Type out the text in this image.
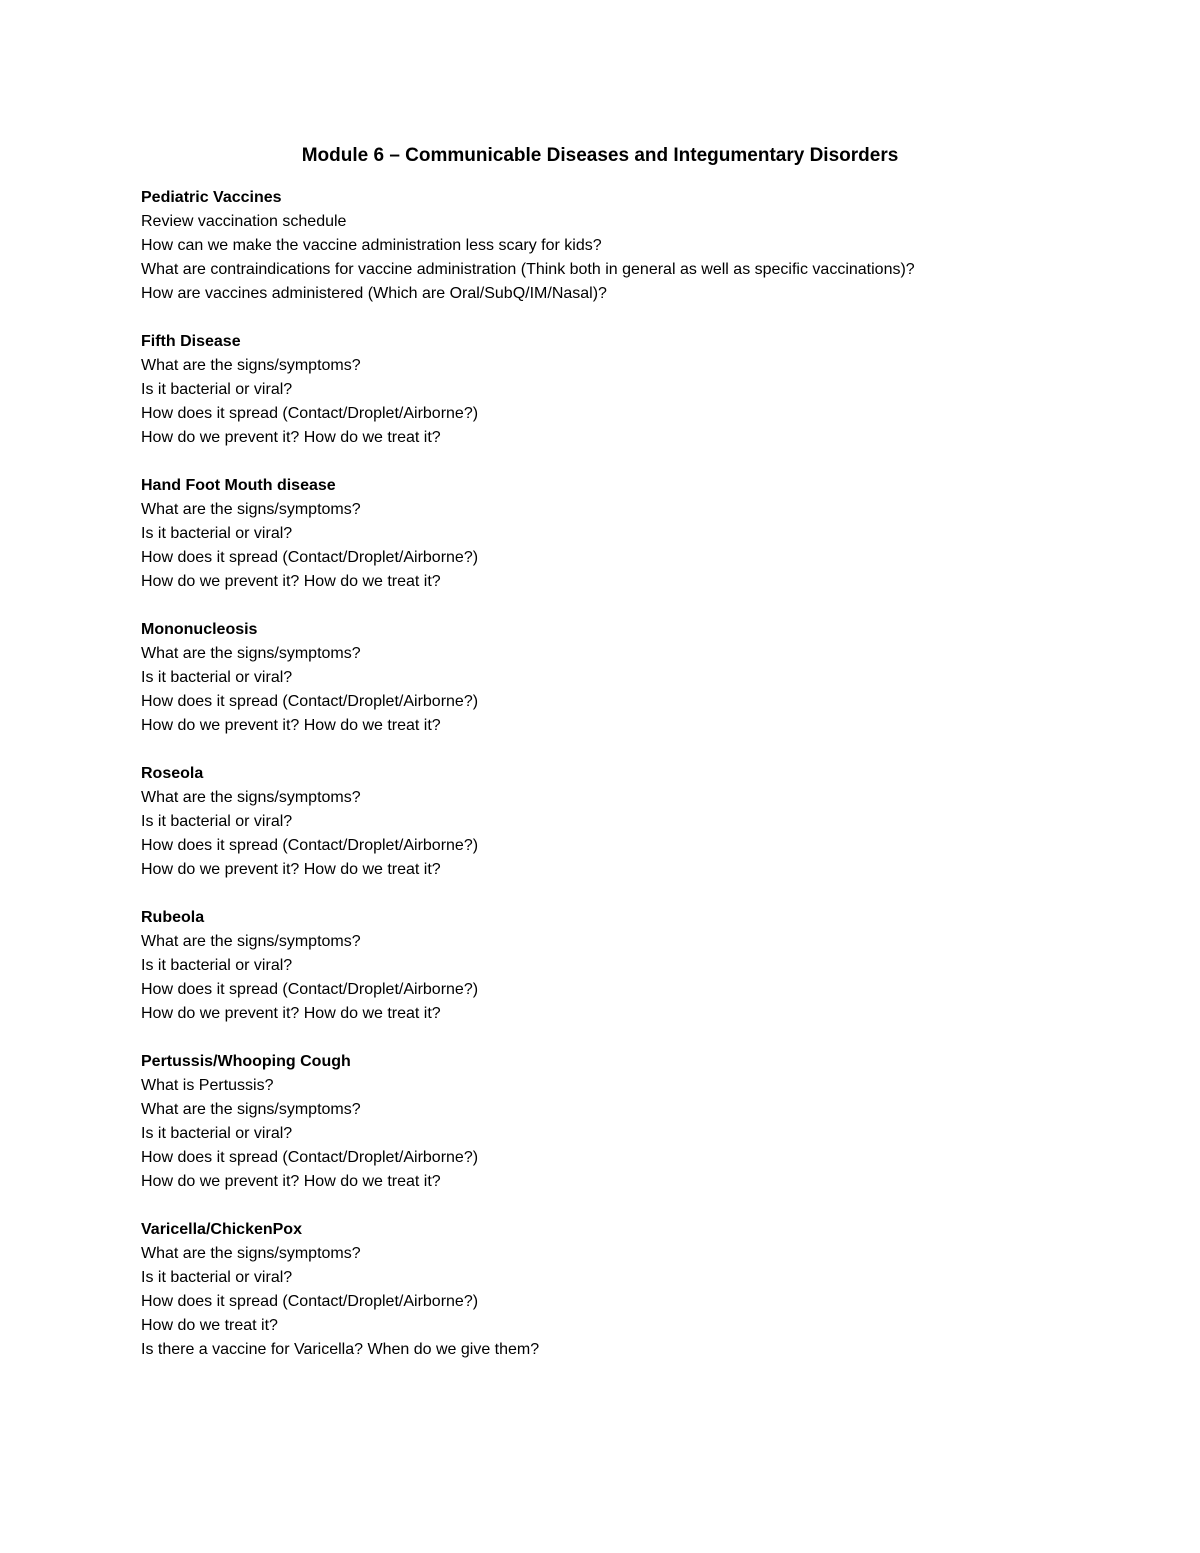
Module 6 – Communicable Diseases and Integumentary Disorders

Pediatric Vaccines

Review vaccination schedule

How can we make the vaccine administration less scary for kids?

What are contraindications for vaccine administration (Think both in general as well as specific vaccinations)?

How are vaccines administered (Which are Oral/SubQ/IM/Nasal)?

Fifth Disease

What are the signs/symptoms?

Is it bacterial or viral?

How does it spread (Contact/Droplet/Airborne?)

How do we prevent it? How do we treat it?

Hand Foot Mouth disease

What are the signs/symptoms?

Is it bacterial or viral?

How does it spread (Contact/Droplet/Airborne?)

How do we prevent it? How do we treat it?

Mononucleosis

What are the signs/symptoms?

Is it bacterial or viral?

How does it spread (Contact/Droplet/Airborne?)

How do we prevent it? How do we treat it?

Roseola

What are the signs/symptoms?

Is it bacterial or viral?

How does it spread (Contact/Droplet/Airborne?)

How do we prevent it? How do we treat it?

Rubeola

What are the signs/symptoms?

Is it bacterial or viral?

How does it spread (Contact/Droplet/Airborne?)

How do we prevent it? How do we treat it?

Pertussis/Whooping Cough

What is Pertussis?

What are the signs/symptoms?

Is it bacterial or viral?

How does it spread (Contact/Droplet/Airborne?)

How do we prevent it? How do we treat it?

Varicella/ChickenPox

What are the signs/symptoms?

Is it bacterial or viral?

How does it spread (Contact/Droplet/Airborne?)

How do we treat it?

Is there a vaccine for Varicella? When do we give them?
